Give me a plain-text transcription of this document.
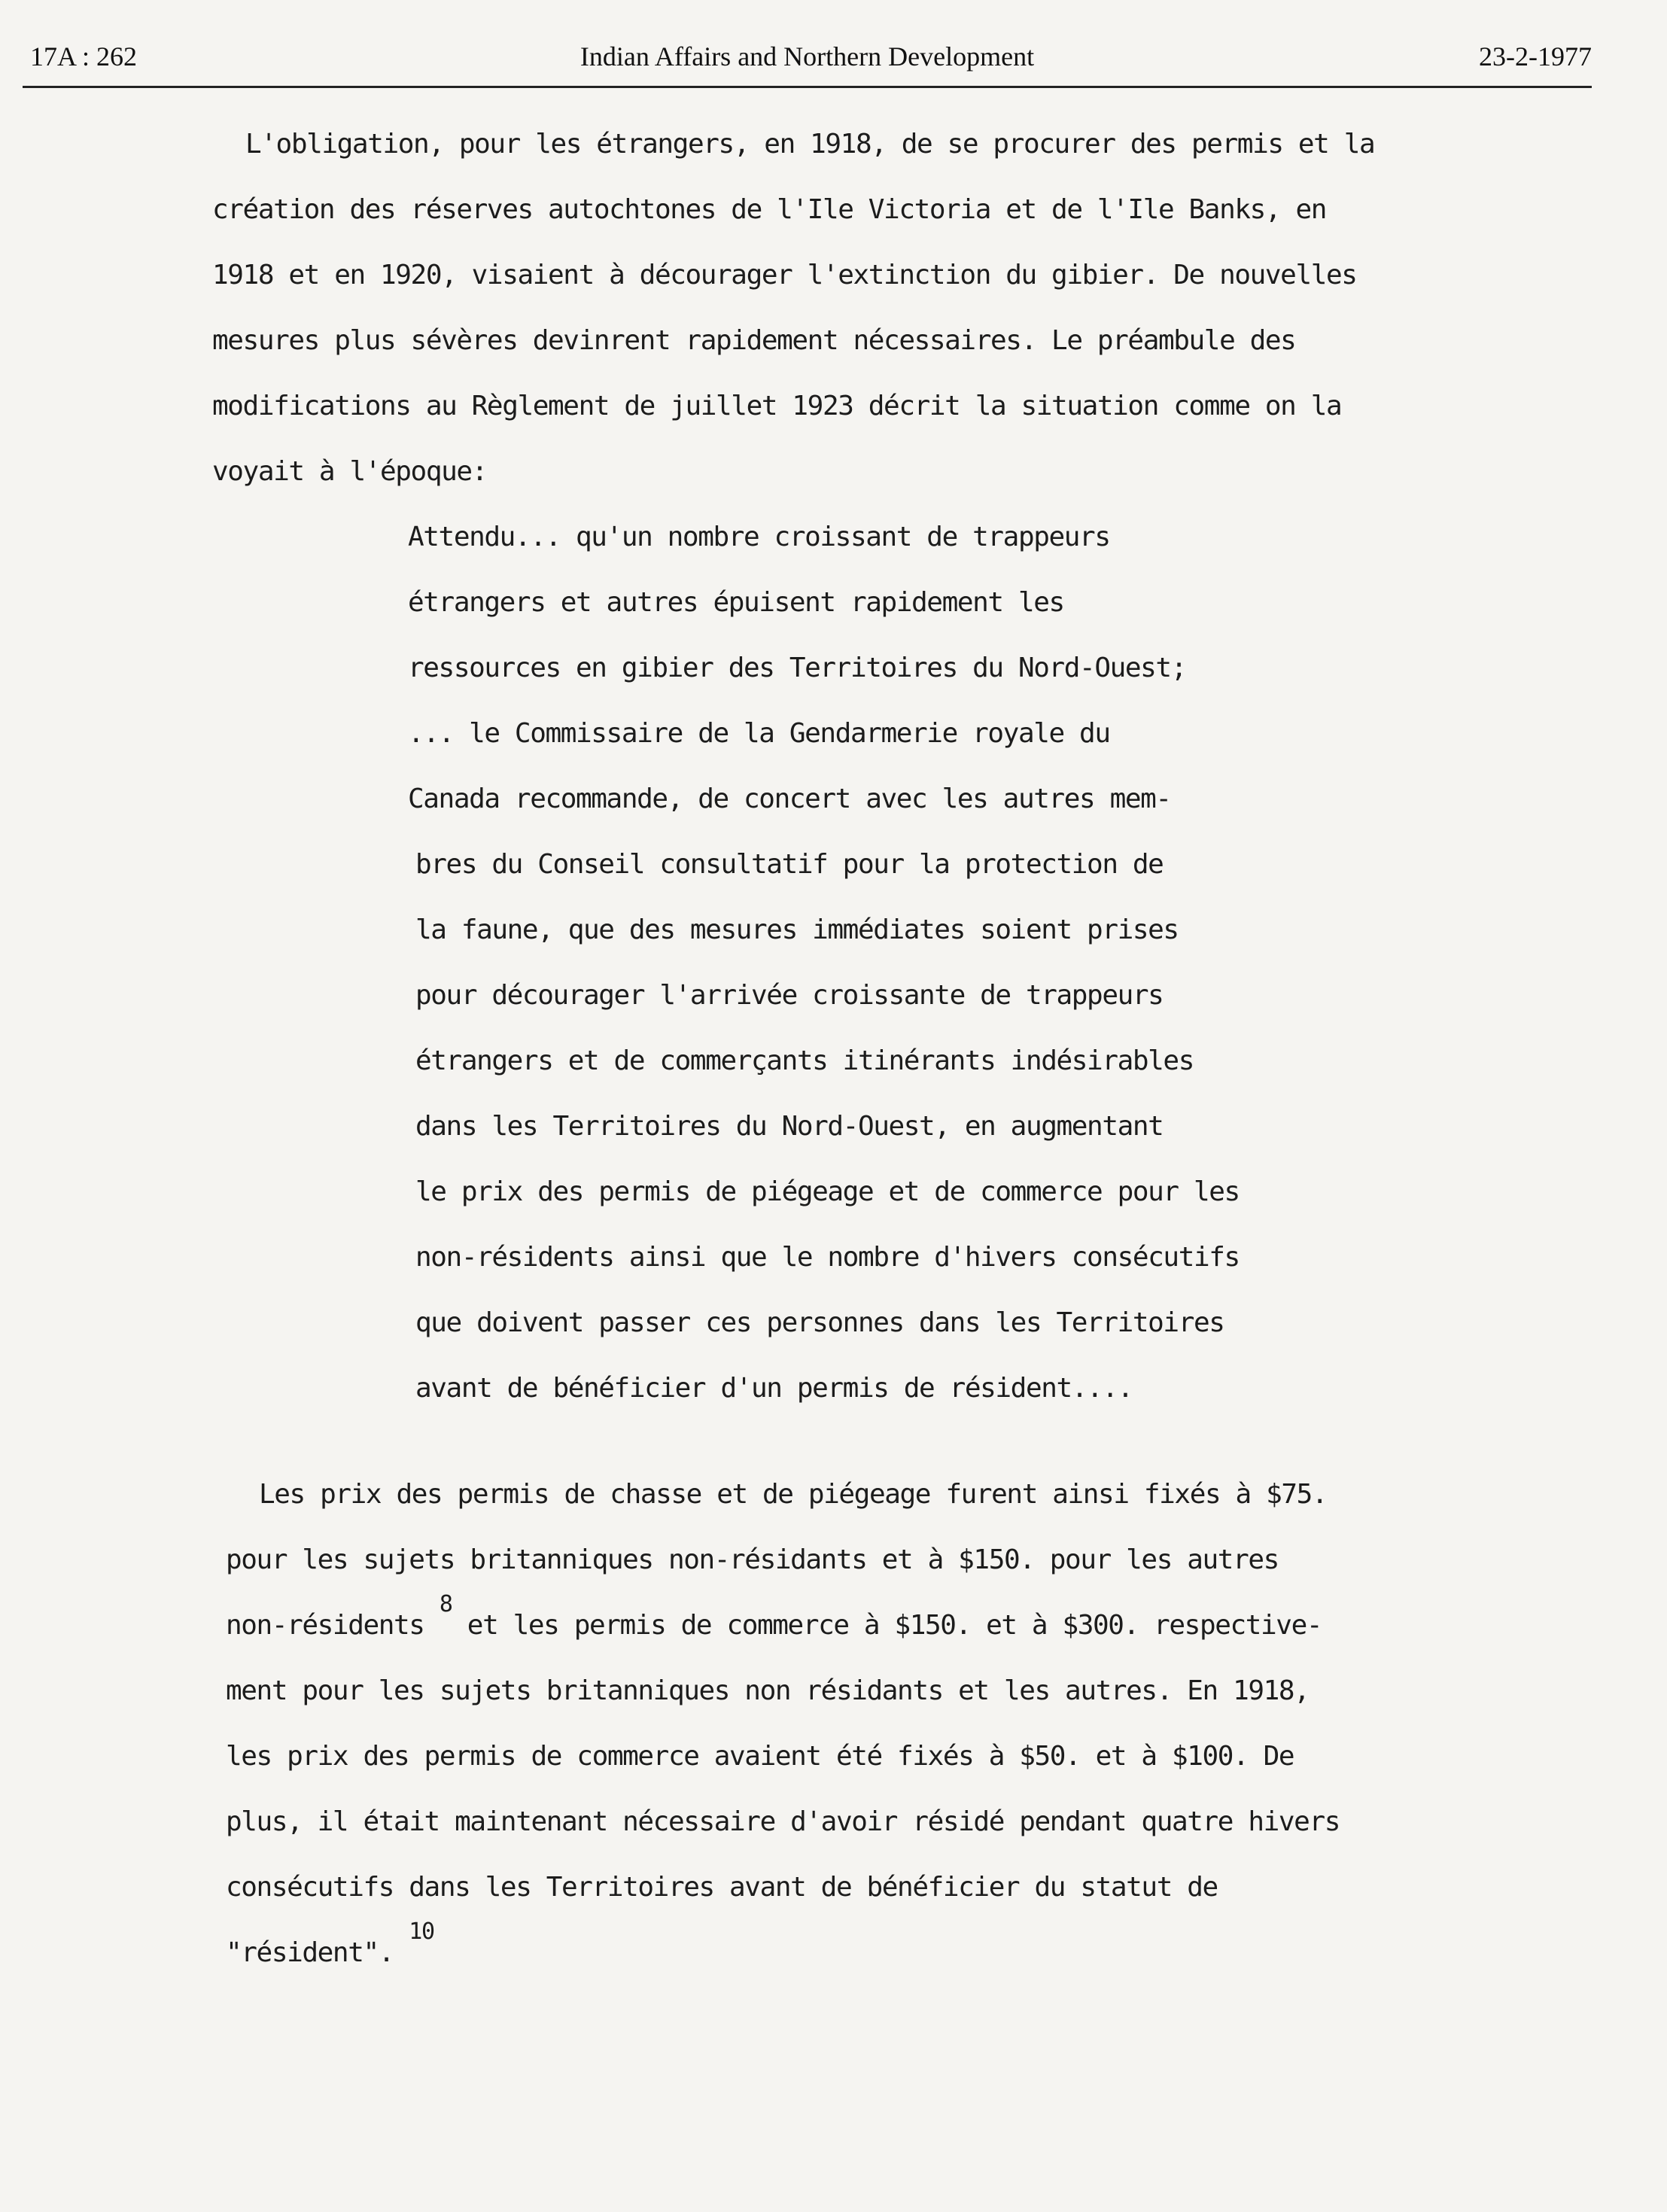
17A : 262	Indian Affairs and Northern Development	23-2-1977
L'obligation, pour les étrangers, en 1918, de se procurer des permis et la
création des réserves autochtones de l'Ile Victoria et de l'Ile Banks, en
1918 et en 1920, visaient à décourager l'extinction du gibier. De nouvelles
mesures plus sévères devinrent rapidement nécessaires. Le préambule des
modifications au Règlement de juillet 1923 décrit la situation comme on la
voyait à l'époque:
Attendu... qu'un nombre croissant de trappeurs
étrangers et autres épuisent rapidement les
ressources en gibier des Territoires du Nord-Ouest;
... le Commissaire de la Gendarmerie royale du
Canada recommande, de concert avec les autres mem-
bres du Conseil consultatif pour la protection de
la faune, que des mesures immédiates soient prises
pour décourager l'arrivée croissante de trappeurs
étrangers et de commerçants itinérants indésirables
dans les Territoires du Nord-Ouest, en augmentant
le prix des permis de piégeage et de commerce pour les
non-résidents ainsi que le nombre d'hivers consécutifs
que doivent passer ces personnes dans les Territoires
avant de bénéficier d'un permis de résident....
Les prix des permis de chasse et de piégeage furent ainsi fixés à $75.
pour les sujets britanniques non-résidants et à $150. pour les autres
non-résidents $^8$ et les permis de commerce à $150. et à $300. respective-
ment pour les sujets britanniques non résidants et les autres. En 1918,
les prix des permis de commerce avaient été fixés à $50. et à $100. De
plus, il était maintenant nécessaire d'avoir résidé pendant quatre hivers
consécutifs dans les Territoires avant de bénéficier du statut de
"résident". $^{10}$
